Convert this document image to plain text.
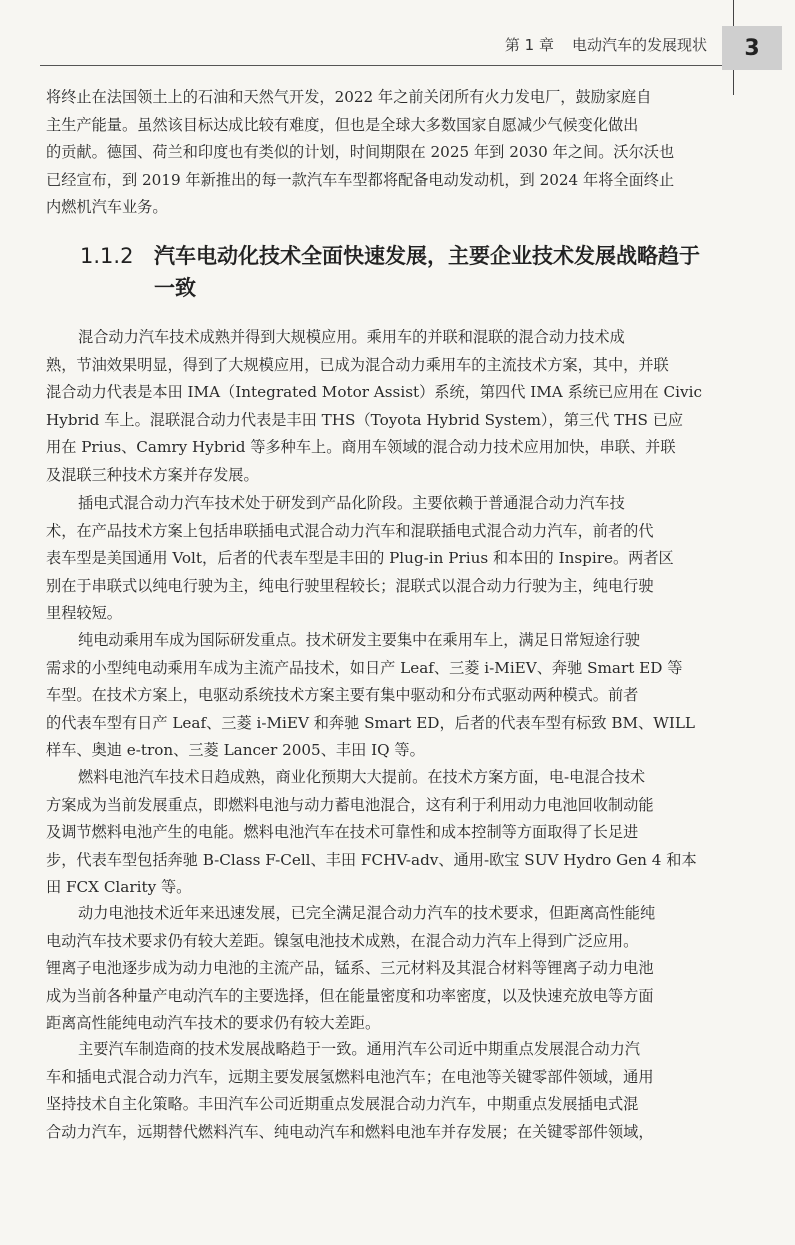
第 1 章 电动汽车的发展现状	3

将终止在法国领土上的石油和天然气开发，2022 年之前关闭所有火力发电厂，鼓励家庭自

主生产能量。虽然该目标达成比较有难度，但也是全球大多数国家自愿减少气候变化做出

的贡献。德国、荷兰和印度也有类似的计划，时间期限在 2025 年到 2030 年之间。沃尔沃也

已经宣布，到 2019 年新推出的每一款汽车车型都将配备电动发动机，到 2024 年将全面终止

内燃机汽车业务。

1.1.2 汽车电动化技术全面快速发展，主要企业技术发展战略趋于
一致

混合动力汽车技术成熟并得到大规模应用。乘用车的并联和混联的混合动力技术成

熟，节油效果明显，得到了大规模应用，已成为混合动力乘用车的主流技术方案，其中，并联

混合动力代表是本田 IMA（Integrated Motor Assist）系统，第四代 IMA 系统已应用在 Civic

Hybrid 车上。混联混合动力代表是丰田 THS（Toyota Hybrid System），第三代 THS 已应

用在 Prius、Camry Hybrid 等多种车上。商用车领域的混合动力技术应用加快，串联、并联

及混联三种技术方案并存发展。

插电式混合动力汽车技术处于研发到产品化阶段。主要依赖于普通混合动力汽车技

术，在产品技术方案上包括串联插电式混合动力汽车和混联插电式混合动力汽车，前者的代

表车型是美国通用 Volt，后者的代表车型是丰田的 Plug-in Prius 和本田的 Inspire。两者区

别在于串联式以纯电行驶为主，纯电行驶里程较长；混联式以混合动力行驶为主，纯电行驶

里程较短。

纯电动乘用车成为国际研发重点。技术研发主要集中在乘用车上，满足日常短途行驶

需求的小型纯电动乘用车成为主流产品技术，如日产 Leaf、三菱 i-MiEV、奔驰 Smart ED 等

车型。在技术方案上，电驱动系统技术方案主要有集中驱动和分布式驱动两种模式。前者

的代表车型有日产 Leaf、三菱 i-MiEV 和奔驰 Smart ED，后者的代表车型有标致 BM、WILL

样车、奥迪 e-tron、三菱 Lancer 2005、丰田 IQ 等。

燃料电池汽车技术日趋成熟，商业化预期大大提前。在技术方案方面，电-电混合技术

方案成为当前发展重点，即燃料电池与动力蓄电池混合，这有利于利用动力电池回收制动能

及调节燃料电池产生的电能。燃料电池汽车在技术可靠性和成本控制等方面取得了长足进

步，代表车型包括奔驰 B-Class F-Cell、丰田 FCHV-adv、通用-欧宝 SUV Hydro Gen 4 和本

田 FCX Clarity 等。

动力电池技术近年来迅速发展，已完全满足混合动力汽车的技术要求，但距离高性能纯

电动汽车技术要求仍有较大差距。镍氢电池技术成熟，在混合动力汽车上得到广泛应用。

锂离子电池逐步成为动力电池的主流产品，锰系、三元材料及其混合材料等锂离子动力电池

成为当前各种量产电动汽车的主要选择，但在能量密度和功率密度，以及快速充放电等方面

距离高性能纯电动汽车技术的要求仍有较大差距。

主要汽车制造商的技术发展战略趋于一致。通用汽车公司近中期重点发展混合动力汽

车和插电式混合动力汽车，远期主要发展氢燃料电池汽车；在电池等关键零部件领域，通用

坚持技术自主化策略。丰田汽车公司近期重点发展混合动力汽车，中期重点发展插电式混

合动力汽车，远期替代燃料汽车、纯电动汽车和燃料电池车并存发展；在关键零部件领域，
